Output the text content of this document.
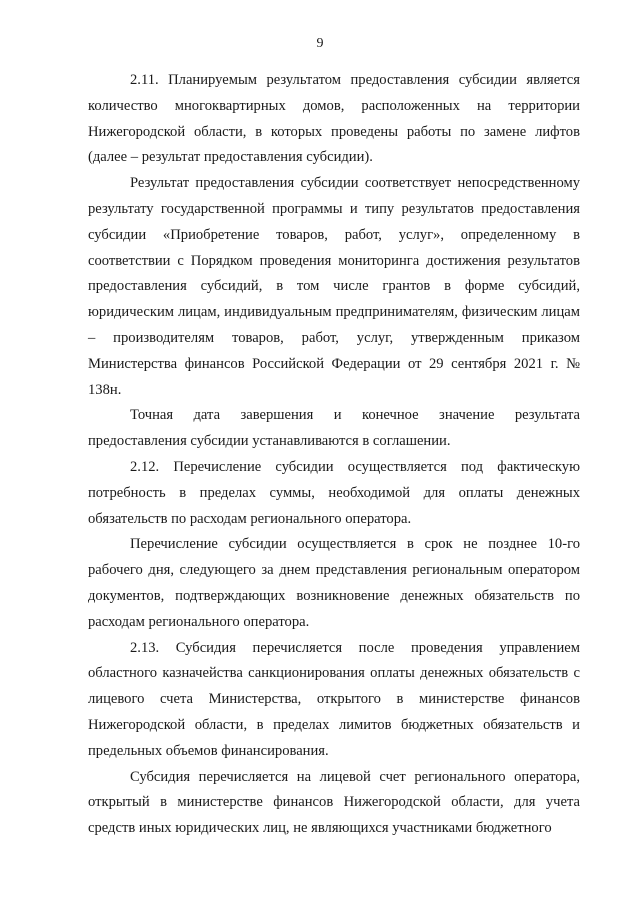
9

2.11. Планируемым результатом предоставления субсидии является количество многоквартирных домов, расположенных на территории Нижегородской области, в которых проведены работы по замене лифтов (далее – результат предоставления субсидии).

Результат предоставления субсидии соответствует непосредственному результату государственной программы и типу результатов предоставления субсидии «Приобретение товаров, работ, услуг», определенному в соответствии с Порядком проведения мониторинга достижения результатов предоставления субсидий, в том числе грантов в форме субсидий, юридическим лицам, индивидуальным предпринимателям, физическим лицам – производителям товаров, работ, услуг, утвержденным приказом Министерства финансов Российской Федерации от 29 сентября 2021 г. № 138н.

Точная дата завершения и конечное значение результата предоставления субсидии устанавливаются в соглашении.

2.12. Перечисление субсидии осуществляется под фактическую потребность в пределах суммы, необходимой для оплаты денежных обязательств по расходам регионального оператора.

Перечисление субсидии осуществляется в срок не позднее 10-го рабочего дня, следующего за днем представления региональным оператором документов, подтверждающих возникновение денежных обязательств по расходам регионального оператора.

2.13. Субсидия перечисляется после проведения управлением областного казначейства санкционирования оплаты денежных обязательств с лицевого счета Министерства, открытого в министерстве финансов Нижегородской области, в пределах лимитов бюджетных обязательств и предельных объемов финансирования.

Субсидия перечисляется на лицевой счет регионального оператора, открытый в министерстве финансов Нижегородской области, для учета средств иных юридических лиц, не являющихся участниками бюджетного
